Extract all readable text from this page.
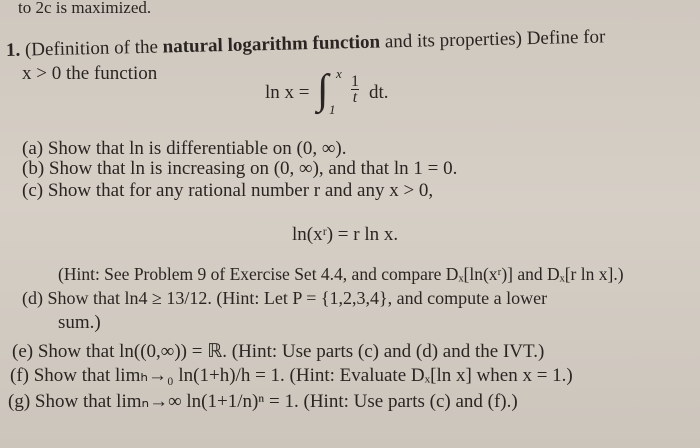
to 2c is maximized.
1. (Definition of the natural logarithm function and its properties) Define for
x > 0 the function
ln x = ∫ x
1
$\frac{1}{t}$ dt.
(a) Show that ln is differentiable on (0, ∞).
(b) Show that ln is increasing on (0, ∞), and that ln 1 = 0.
(c) Show that for any rational number r and any x > 0,
ln(xʳ) = r ln x.
(Hint: See Problem 9 of Exercise Set 4.4, and compare Dₓ[ln(xʳ)] and Dₓ[r ln x].)
(d) Show that ln4 ≥ 13/12. (Hint: Let P = {1,2,3,4}, and compute a lower
sum.)
(e) Show that ln((0,∞)) = ℝ. (Hint: Use parts (c) and (d) and the IVT.)
(f) Show that limₕ→₀ ln(1+h)/h = 1. (Hint: Evaluate Dₓ[ln x] when x = 1.)
(g) Show that limₙ→∞ ln(1+1/n)ⁿ = 1. (Hint: Use parts (c) and (f).)
